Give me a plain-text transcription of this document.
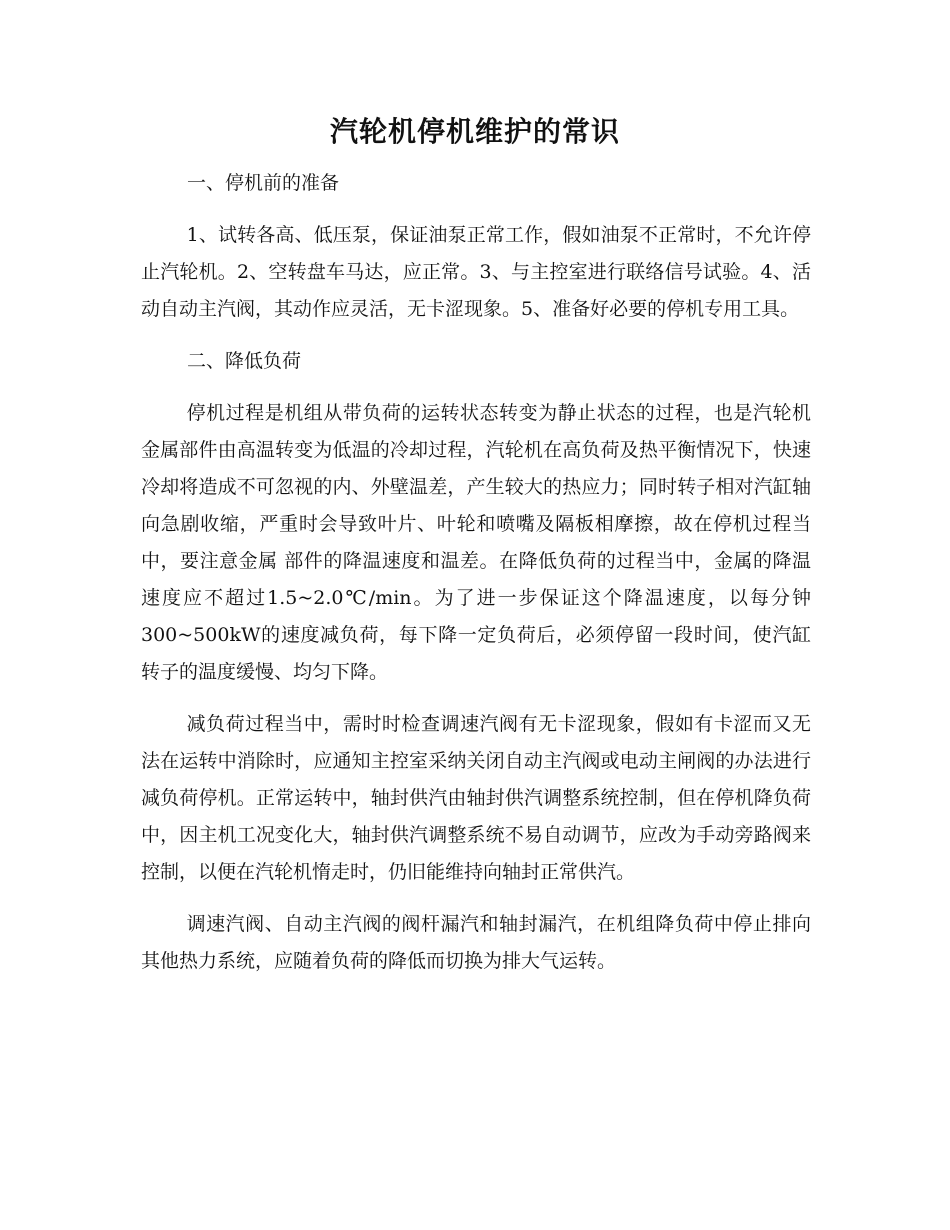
汽轮机停机维护的常识

一、停机前的准备

1、试转各高、低压泵，保证油泵正常工作，假如油泵不正常时，不允许停止汽轮机。2、空转盘车马达，应正常。3、与主控室进行联络信号试验。4、活动自动主汽阀，其动作应灵活，无卡涩现象。5、准备好必要的停机专用工具。

二、降低负荷

停机过程是机组从带负荷的运转状态转变为静止状态的过程，也是汽轮机金属部件由高温转变为低温的冷却过程，汽轮机在高负荷及热平衡情况下，快速冷却将造成不可忽视的内、外壁温差，产生较大的热应力；同时转子相对汽缸轴向急剧收缩，严重时会导致叶片、叶轮和喷嘴及隔板相摩擦，故在停机过程当中，要注意金属 部件的降温速度和温差。在降低负荷的过程当中，金属的降温速度应不超过1.5~2.0℃/min。为了进一步保证这个降温速度，以每分钟300~500kW的速度减负荷，每下降一定负荷后，必须停留一段时间，使汽缸转子的温度缓慢、均匀下降。

减负荷过程当中，需时时检查调速汽阀有无卡涩现象，假如有卡涩而又无法在运转中消除时，应通知主控室采纳关闭自动主汽阀或电动主闸阀的办法进行减负荷停机。正常运转中，轴封供汽由轴封供汽调整系统控制，但在停机降负荷中，因主机工况变化大，轴封供汽调整系统不易自动调节，应改为手动旁路阀来控制，以便在汽轮机惰走时，仍旧能维持向轴封正常供汽。

调速汽阀、自动主汽阀的阀杆漏汽和轴封漏汽，在机组降负荷中停止排向其他热力系统，应随着负荷的降低而切换为排大气运转。
